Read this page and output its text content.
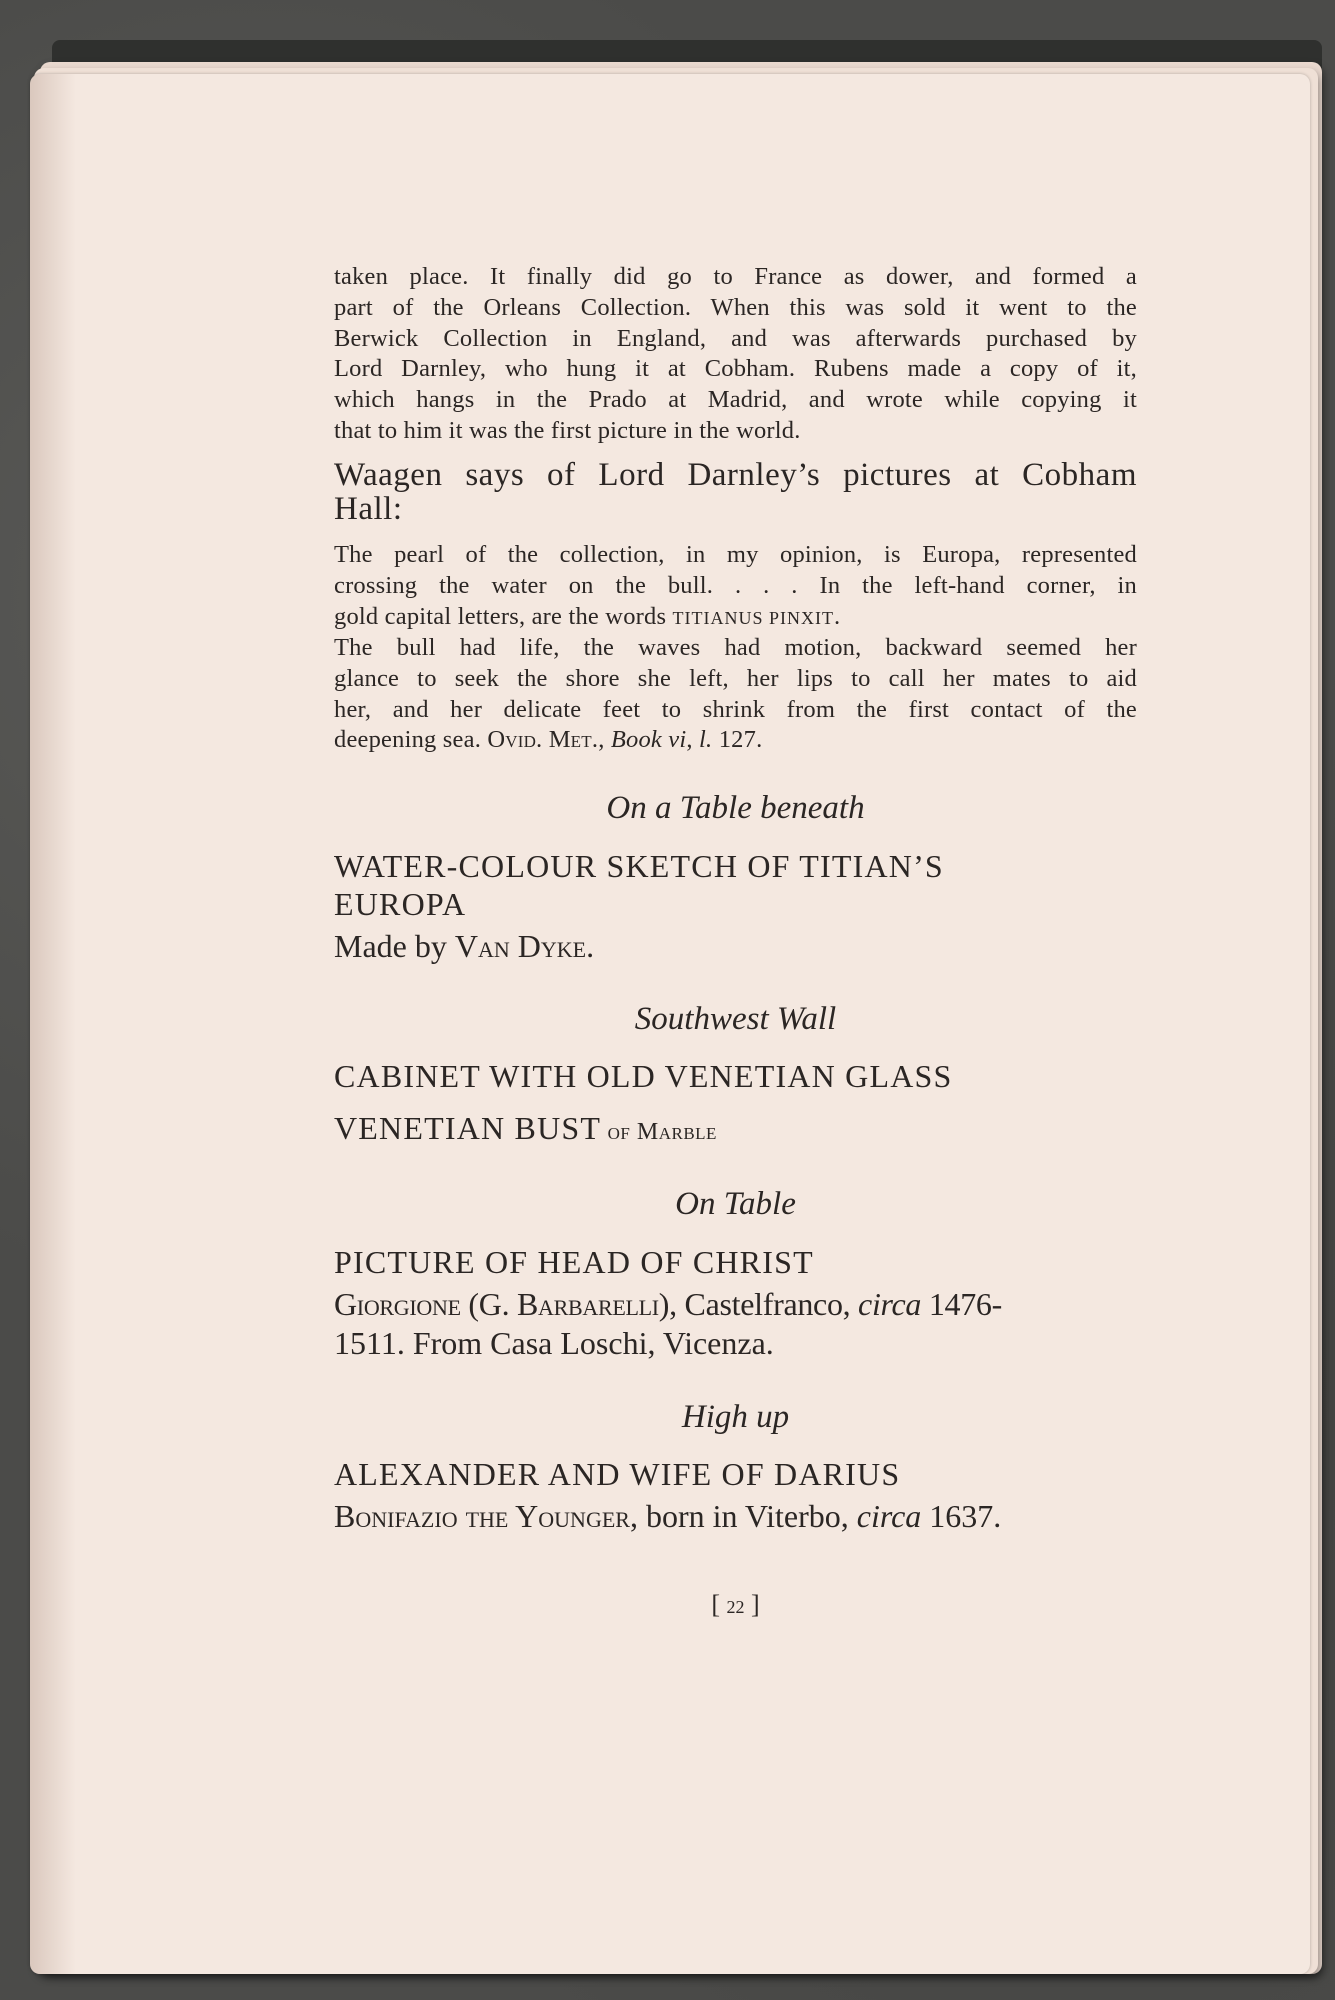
taken place. It finally did go to France as dower, and formed a
part of the Orleans Collection. When this was sold it went to the
Berwick Collection in England, and was afterwards purchased by
Lord Darnley, who hung it at Cobham. Rubens made a copy of it,
which hangs in the Prado at Madrid, and wrote while copying it
that to him it was the first picture in the world.
Waagen says of Lord Darnley’s pictures at Cobham
Hall:
The pearl of the collection, in my opinion, is Europa, represented
crossing the water on the bull. . . . In the left-hand corner, in
gold capital letters, are the words TITIANUS PINXIT.
The bull had life, the waves had motion, backward seemed her
glance to seek the shore she left, her lips to call her mates to aid
her, and her delicate feet to shrink from the first contact of the
deepening sea. Ovid. Met., Book vi, l. 127.
On a Table beneath
WATER-COLOUR SKETCH OF TITIAN’S
EUROPA
Made by Van Dyke.
Southwest Wall
CABINET WITH OLD VENETIAN GLASS
VENETIAN BUST of Marble
On Table
PICTURE OF HEAD OF CHRIST
Giorgione (G. Barbarelli), Castelfranco, circa 1476-
1511. From Casa Loschi, Vicenza.
High up
ALEXANDER AND WIFE OF DARIUS
Bonifazio the Younger, born in Viterbo, circa 1637.
[ 22 ]
